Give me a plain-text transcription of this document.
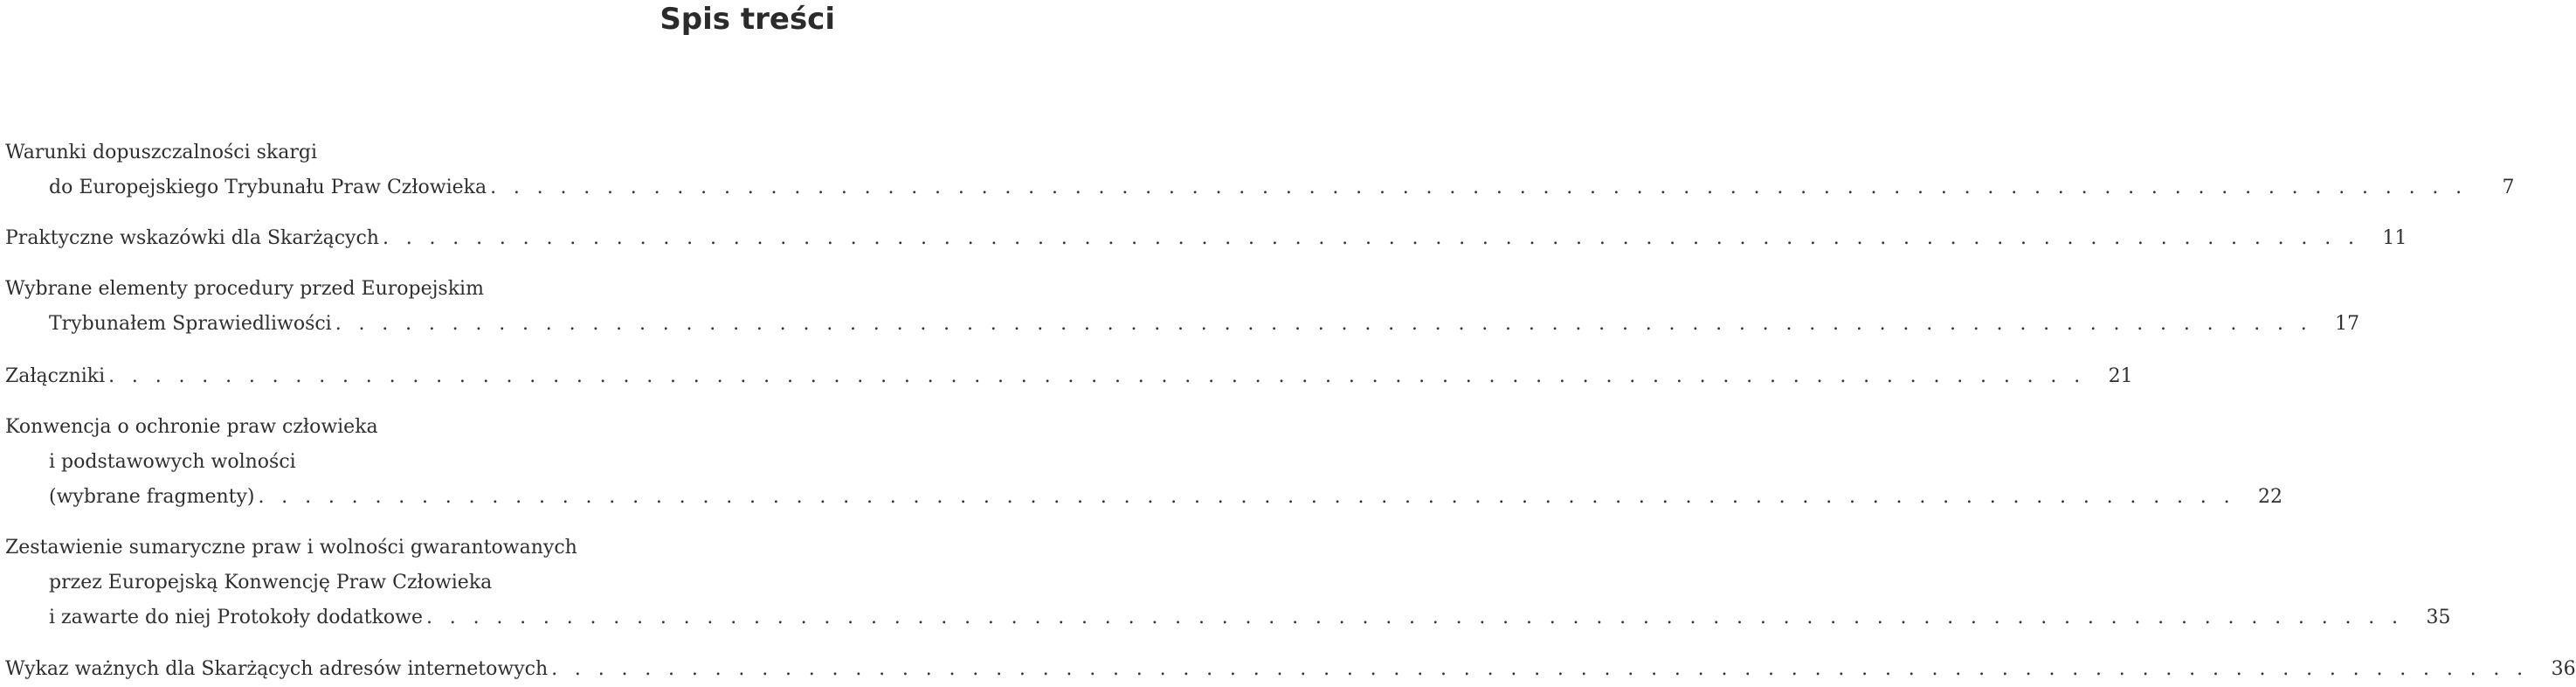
Spis treści
Warunki dopuszczalności skargi
do Europejskiego Trybunału Praw Człowieka . . . . . . . . . . . . . . . . . . . . . . . . . . . . . . . . . . . . . . . . . . . . . . . . . . . . . . . . . . . . . . . . . . . . . . . . . . . . . . . . . . . . .	7
Praktyczne wskazówki dla Skarżących . . . . . . . . . . . . . . . . . . . . . . . . . . . . . . . . . . . . . . . . . . . . . . . . . . . . . . . . . . . . . . . . . . . . . . . . . . . . . . . . . . . . .	11
Wybrane elementy procedury przed Europejskim
Trybunałem Sprawiedliwości . . . . . . . . . . . . . . . . . . . . . . . . . . . . . . . . . . . . . . . . . . . . . . . . . . . . . . . . . . . . . . . . . . . . . . . . . . . . . . . . . . . . .	17
Załączniki . . . . . . . . . . . . . . . . . . . . . . . . . . . . . . . . . . . . . . . . . . . . . . . . . . . . . . . . . . . . . . . . . . . . . . . . . . . . . . . . . . . . .	21
Konwencja o ochronie praw człowieka
i podstawowych wolności
(wybrane fragmenty) . . . . . . . . . . . . . . . . . . . . . . . . . . . . . . . . . . . . . . . . . . . . . . . . . . . . . . . . . . . . . . . . . . . . . . . . . . . . . . . . . . . . .	22
Zestawienie sumaryczne praw i wolności gwarantowanych
przez Europejską Konwencję Praw Człowieka
i zawarte do niej Protokoły dodatkowe . . . . . . . . . . . . . . . . . . . . . . . . . . . . . . . . . . . . . . . . . . . . . . . . . . . . . . . . . . . . . . . . . . . . . . . . . . . . . . . . . . . . .	35
Wykaz ważnych dla Skarżących adresów internetowych . . . . . . . . . . . . . . . . . . . . . . . . . . . . . . . . . . . . . . . . . . . . . . . . . . . . . . . . . . . . . . . . . . . . . . . . . . . . . . . . . . . . .	36
